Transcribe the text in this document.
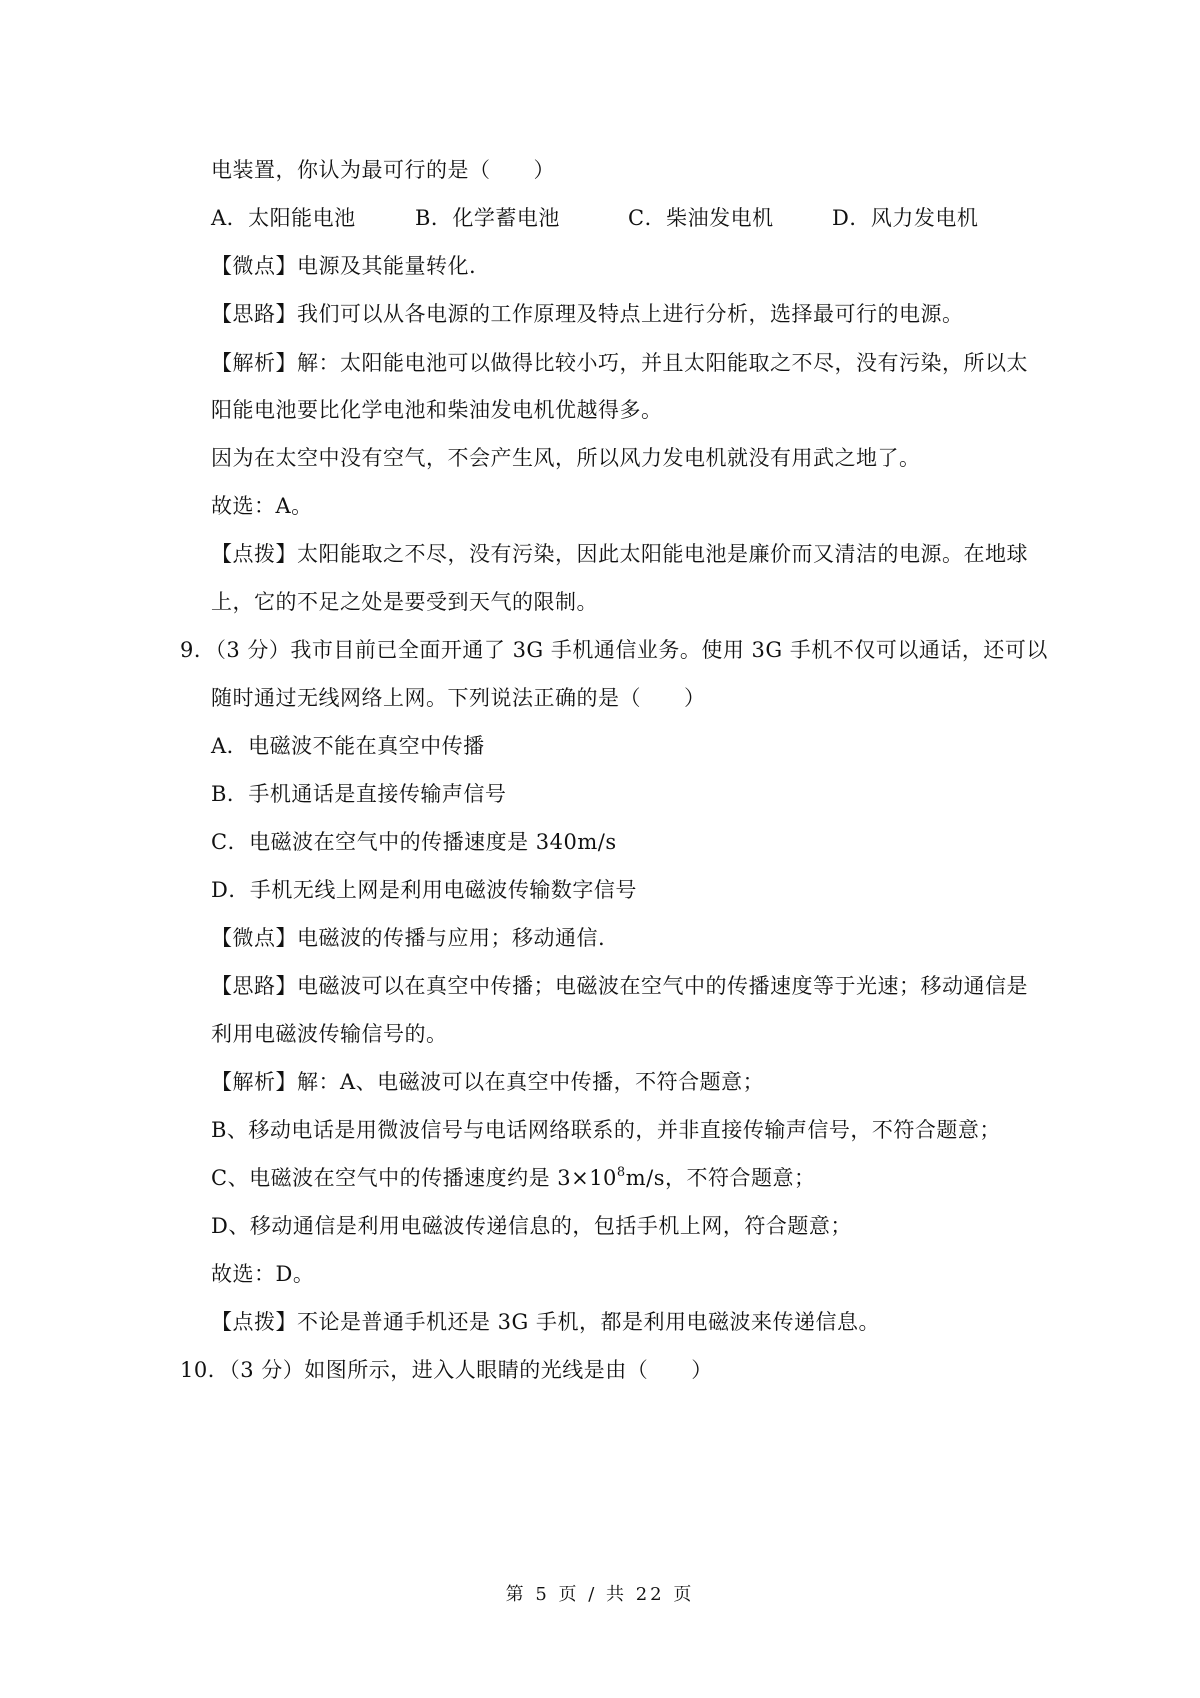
电装置，你认为最可行的是（　　）
A．太阳能电池	B．化学蓄电池	C．柴油发电机	D．风力发电机
【微点】电源及其能量转化.
【思路】我们可以从各电源的工作原理及特点上进行分析，选择最可行的电源。
【解析】解：太阳能电池可以做得比较小巧，并且太阳能取之不尽，没有污染，所以太
阳能电池要比化学电池和柴油发电机优越得多。
因为在太空中没有空气，不会产生风，所以风力发电机就没有用武之地了。
故选：A。
【点拨】太阳能取之不尽，没有污染，因此太阳能电池是廉价而又清洁的电源。在地球
上，它的不足之处是要受到天气的限制。
9．（3 分）我市目前已全面开通了 3G 手机通信业务。使用 3G 手机不仅可以通话，还可以
随时通过无线网络上网。下列说法正确的是（　　）
A．电磁波不能在真空中传播
B．手机通话是直接传输声信号
C．电磁波在空气中的传播速度是 340m/s
D．手机无线上网是利用电磁波传输数字信号
【微点】电磁波的传播与应用；移动通信.
【思路】电磁波可以在真空中传播；电磁波在空气中的传播速度等于光速；移动通信是
利用电磁波传输信号的。
【解析】解：A、电磁波可以在真空中传播，不符合题意；
B、移动电话是用微波信号与电话网络联系的，并非直接传输声信号，不符合题意；
C、电磁波在空气中的传播速度约是 $3\times 10^8m/s$，不符合题意；
D、移动通信是利用电磁波传递信息的，包括手机上网，符合题意；
故选：D。
【点拨】不论是普通手机还是 3G 手机，都是利用电磁波来传递信息。
10．（3 分）如图所示，进入人眼睛的光线是由（　　）
第 5 页 / 共 22 页
